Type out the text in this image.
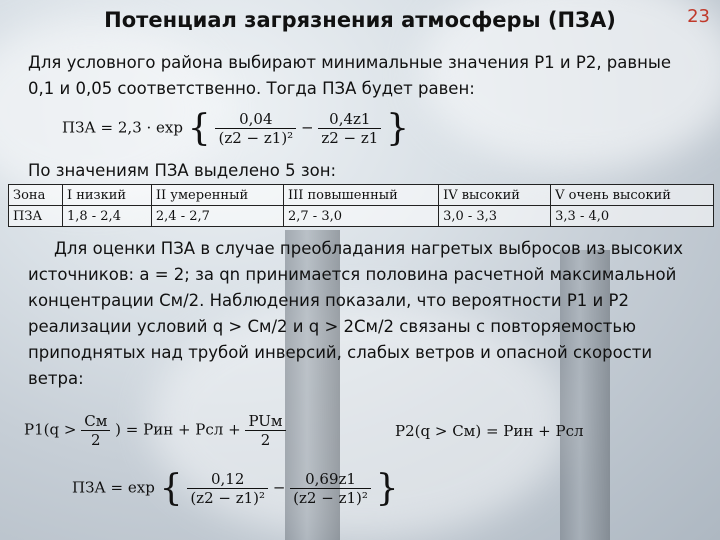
Потенциал загрязнения атмосферы (ПЗА)	23
Для условного района выбирают минимальные значения Р1 и Р2, равные 0,1 и 0,05 соответственно. Тогда ПЗА будет равен:
ПЗА = 2,3 · exp { $\frac{0,04}{\text{(z2 − z1)²}} - \frac{0,4z1}{z2 - z1}$ }
По значениям ПЗА выделено 5 зон:
Зона	I низкий	II умеренный	III повышенный	IV высокий	V очень высокий
ПЗА	1,8 - 2,4	2,4 - 2,7	2,7 - 3,0	3,0 - 3,3	3,3 - 4,0
Для оценки ПЗА в случае преобладания нагретых выбросов из высоких источников: а = 2; за qn принимается половина расчетной максимальной концентрации См/2. Наблюдения показали, что вероятности Р1 и Р2 реализации условий q > См/2 и q > 2См/2 связаны с повторяемостью приподнятых над трубой инверсий, слабых ветров и опасной скорости ветра:
$P1(q > \frac{Cм}{2}$ ) = Pин + Pсл + $\frac{\text{PUм}}{2}$	P2(q > Cм) = Pин + Pсл
ПЗА = exp { $\frac{0,12}{\text{(z2 − z1)²}} - \frac{0,69z1}{\text{(z2 − z1)²}}$ }
